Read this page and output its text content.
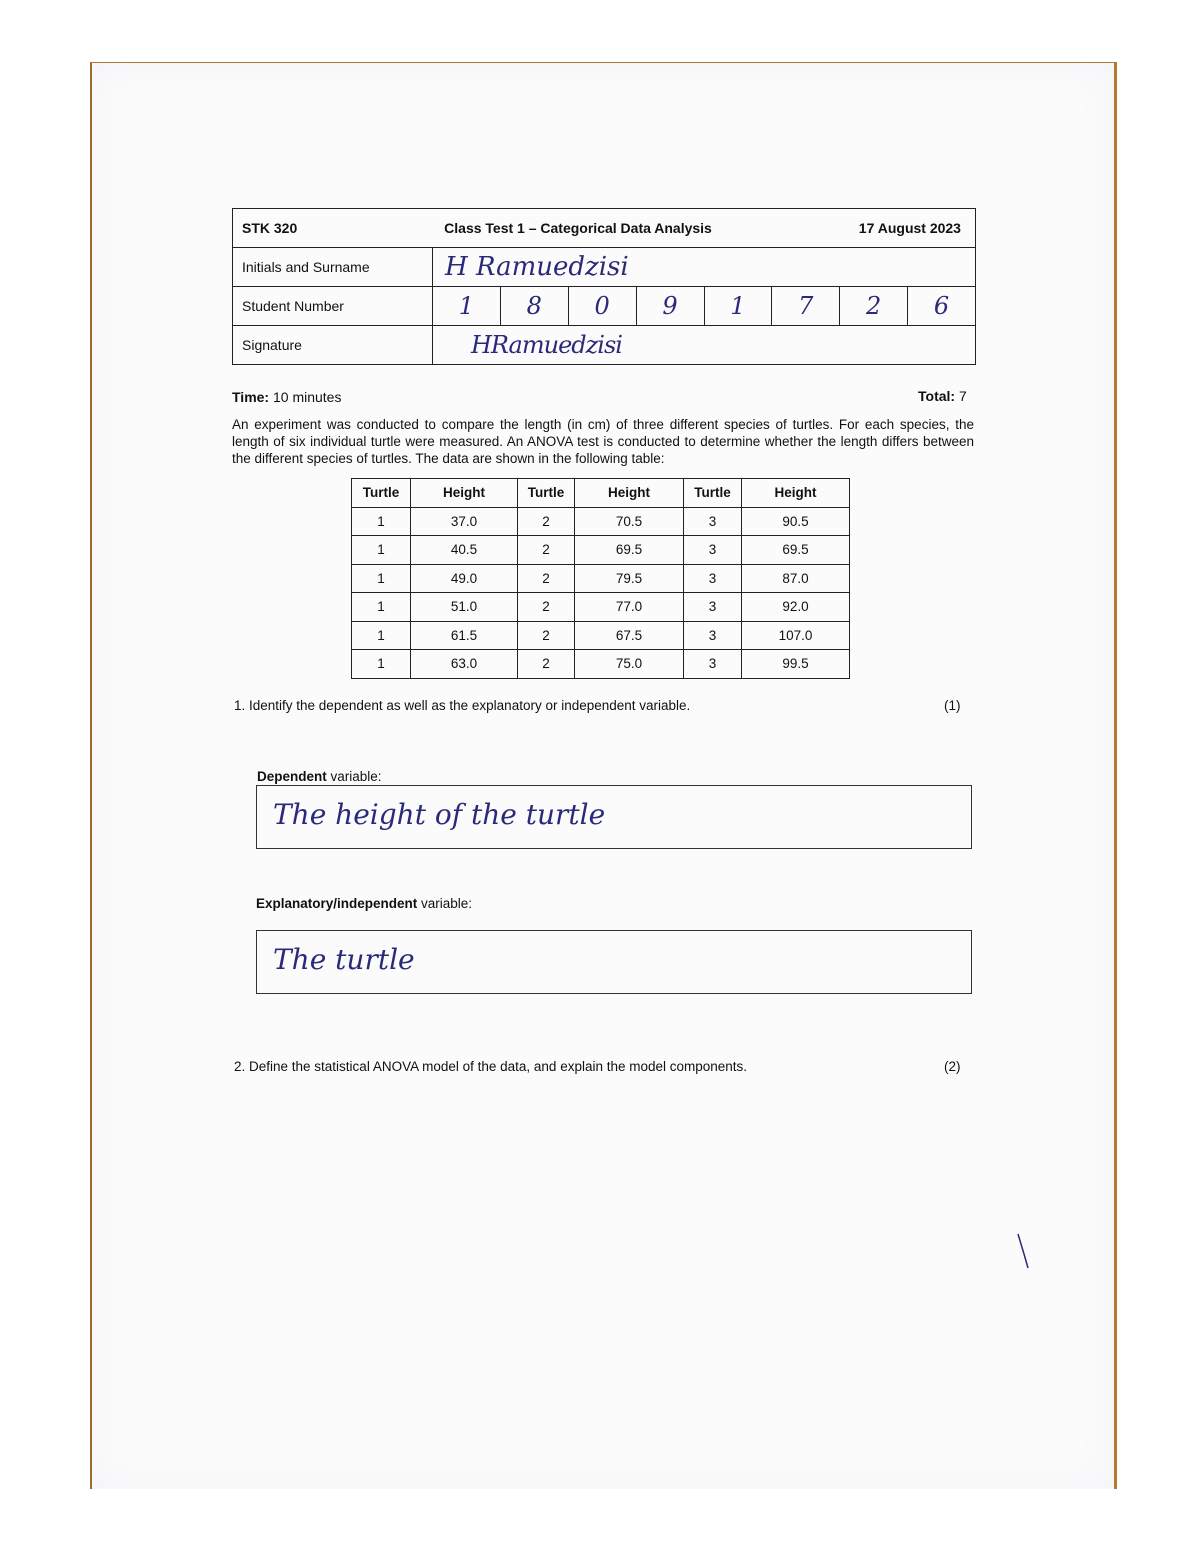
STK 320	Class Test 1 – Categorical Data Analysis	17 August 2023
Initials and Surname	H Ramuedzisi
Student Number	1	8	0	9	1	7	2	6
Signature	HRamuedzisi
Time: 10 minutes	Total: 7
An experiment was conducted to compare the length (in cm) of three different species of turtles. For each species, the length of six individual turtle were measured. An ANOVA test is conducted to determine whether the length differs between the different species of turtles. The data are shown in the following table:
Turtle	Height	Turtle	Height	Turtle	Height
1	37.0	2	70.5	3	90.5
1	40.5	2	69.5	3	69.5
1	49.0	2	79.5	3	87.0
1	51.0	2	77.0	3	92.0
1	61.5	2	67.5	3	107.0
1	63.0	2	75.0	3	99.5
1. Identify the dependent as well as the explanatory or independent variable.	(1)
Dependent variable:
The height of the turtle
Explanatory/independent variable:
The turtle
2. Define the statistical ANOVA model of the data, and explain the model components.	(2)
